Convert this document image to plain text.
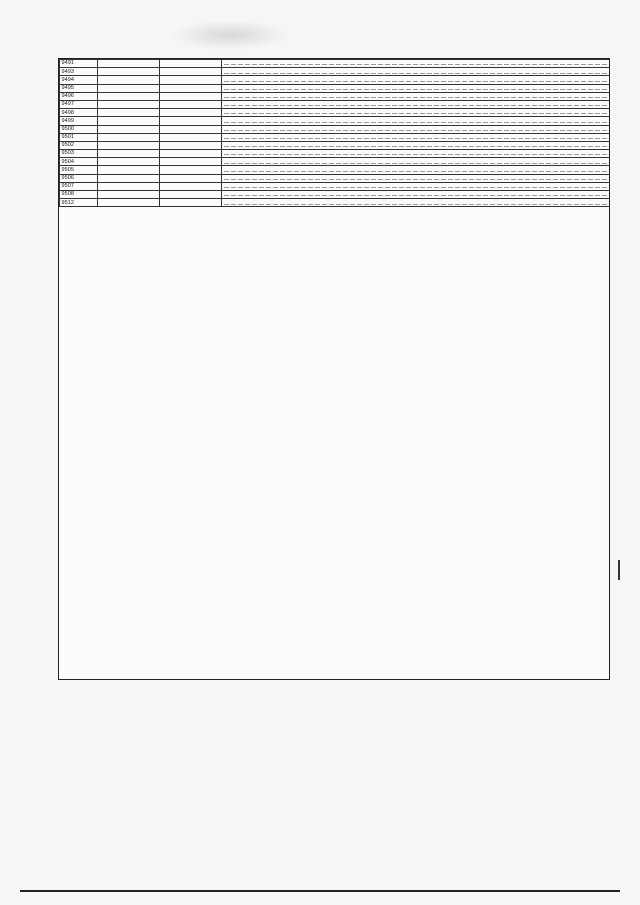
9491			

9493			

9494			

9495			

9496			

9497			

9498			

9499			

9500			

9501			

9502			

9503			

9504			

9505			

9506			

9507			

9508			

9512			
